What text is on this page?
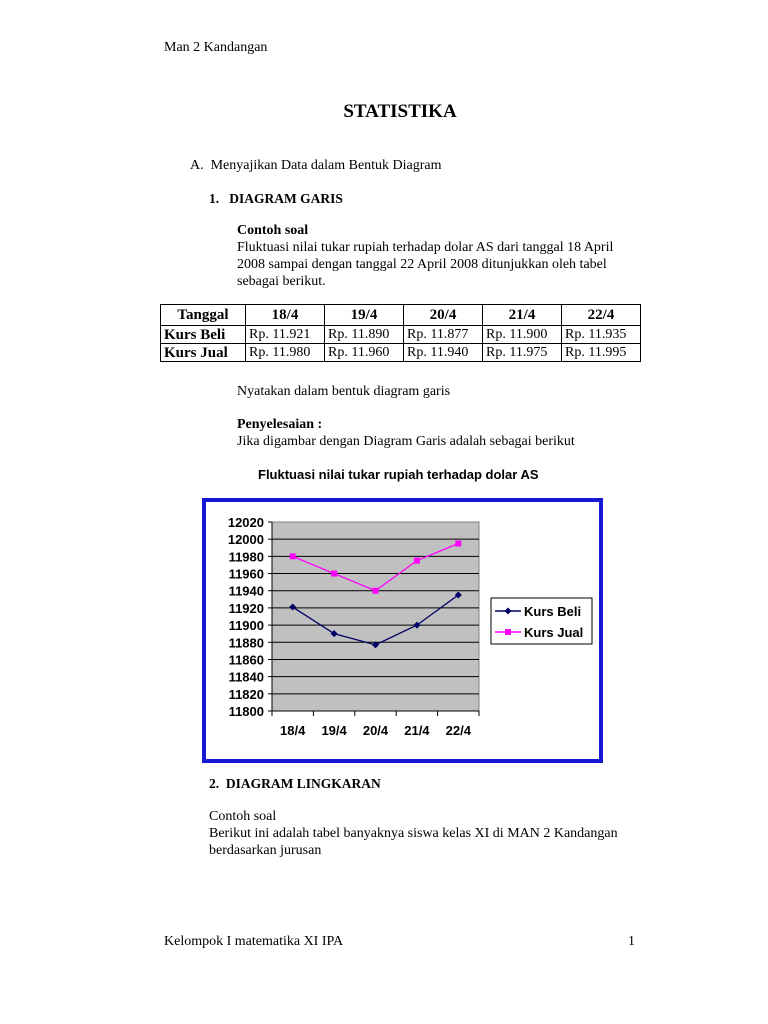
Man 2 Kandangan
STATISTIKA
A.  Menyajikan Data dalam Bentuk Diagram
1.   DIAGRAM GARIS
Contoh soal
Fluktuasi nilai tukar rupiah terhadap dolar AS dari tanggal 18 April
2008 sampai dengan tanggal 22 April 2008 ditunjukkan oleh tabel
sebagai berikut.
Tanggal	18/4	19/4	20/4	21/4	22/4
Kurs Beli	Rp. 11.921	Rp. 11.890	Rp. 11.877	Rp. 11.900	Rp. 11.935
Kurs Jual	Rp. 11.980	Rp. 11.960	Rp. 11.940	Rp. 11.975	Rp. 11.995
Nyatakan dalam bentuk diagram garis
Penyelesaian :
Jika digambar dengan Diagram Garis adalah sebagai berikut
Fluktuasi nilai tukar rupiah terhadap dolar AS
11800
11820
11840
11860
11880
11900
11920
11940
11960
11980
12000
12020
18/4 19/4 20/4 21/4 22/4
Kurs Beli
Kurs Jual
2.  DIAGRAM LINGKARAN
Contoh soal
Berikut ini adalah tabel banyaknya siswa kelas XI di MAN 2 Kandangan
berdasarkan jurusan
Kelompok I matematika XI IPA	1
